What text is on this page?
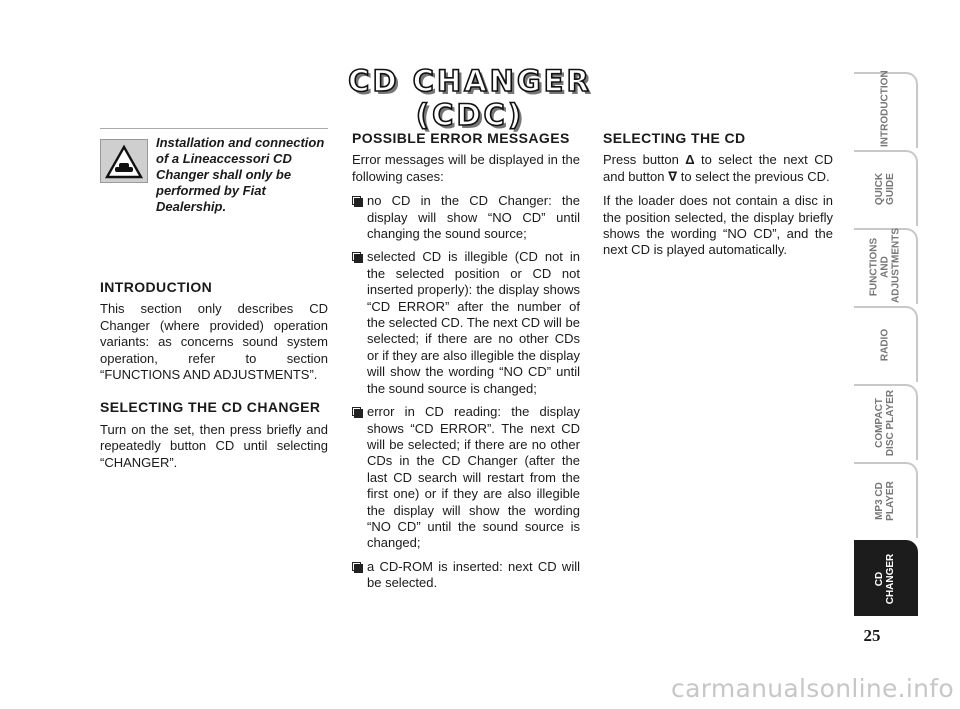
CD CHANGER (CDC)
Installation and connection of a Lineaccessori CD Changer shall only be performed by Fiat Dealership.
INTRODUCTION

This section only describes CD Changer (where provided) operation variants: as concerns sound system operation, refer to section “FUNCTIONS AND ADJUSTMENTS”.

SELECTING THE CD CHANGER

Turn on the set, then press briefly and repeatedly button CD until selecting “CHANGER”.

POSSIBLE ERROR MESSAGES

Error messages will be displayed in the following cases:

no CD in the CD Changer: the display will show “NO CD” until changing the sound source;
selected CD is illegible (CD not in the selected position or CD not inserted properly): the display shows “CD ERROR” after the number of the selected CD. The next CD will be selected; if there are no other CDs or if they are also illegible the display will show the wording “NO CD” until the sound source is changed;
error in CD reading: the display shows “CD ERROR”. The next CD will be selected; if there are no other CDs in the CD Changer (after the last CD search will restart from the first one) or if they are also illegible the display will show the wording “NO CD” until the sound source is changed;
a CD-ROM is inserted: next CD will be selected.
SELECTING THE CD

Press button Δ to select the next CD and button ∇ to select the previous CD.

If the loader does not contain a disc in the position selected, the display briefly shows the wording “NO CD”, and the next CD is played automatically.

INTRODUCTION
QUICK
GUIDE
FUNCTIONS AND
ADJUSTMENTS
RADIO
COMPACT
DISC PLAYER
MP3 CD
PLAYER
CD
CHANGER
25
carmanualsonline.info
